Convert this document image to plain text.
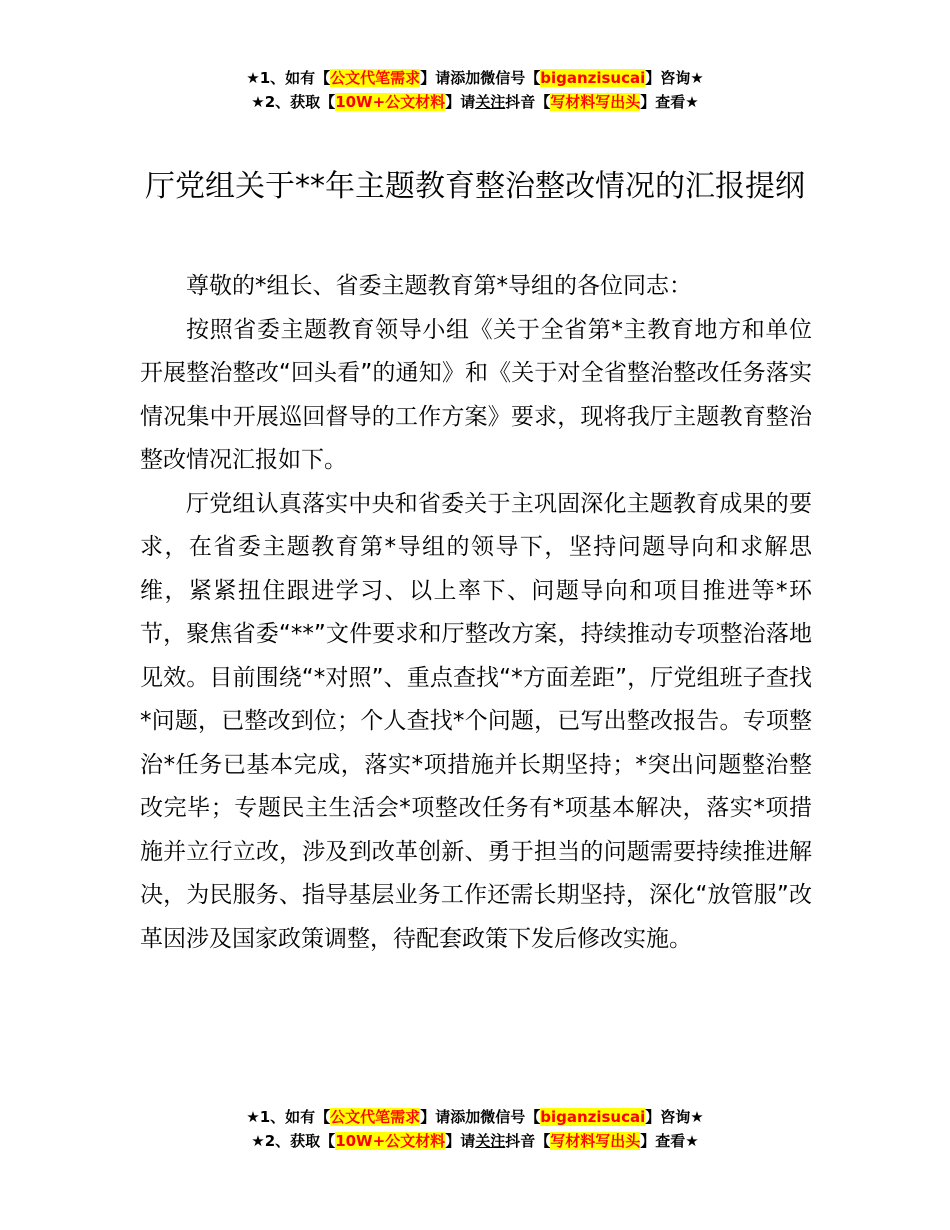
★1、如有【公文代笔需求】请添加微信号【biganzisucai】咨询★
★2、获取【10W+公文材料】请关注抖音【写材料写出头】查看★
厅党组关于**年主题教育整治整改情况的汇报提纲

尊敬的*组长、省委主题教育第*导组的各位同志：

按照省委主题教育领导小组《关于全省第*主教育地方和单位开展整治整改“回头看”的通知》和《关于对全省整治整改任务落实情况集中开展巡回督导的工作方案》要求，现将我厅主题教育整治整改情况汇报如下。

厅党组认真落实中央和省委关于主巩固深化主题教育成果的要求，在省委主题教育第*导组的领导下，坚持问题导向和求解思维，紧紧扭住跟进学习、以上率下、问题导向和项目推进等*环节，聚焦省委“**”文件要求和厅整改方案，持续推动专项整治落地见效。目前围绕“*对照”、重点查找“*方面差距”，厅党组班子查找*问题，已整改到位；个人查找*个问题，已写出整改报告。专项整治*任务已基本完成，落实*项措施并长期坚持；*突出问题整治整改完毕；专题民主生活会*项整改任务有*项基本解决，落实*项措施并立行立改，涉及到改革创新、勇于担当的问题需要持续推进解决，为民服务、指导基层业务工作还需长期坚持，深化“放管服”改革因涉及国家政策调整，待配套政策下发后修改实施。

★1、如有【公文代笔需求】请添加微信号【biganzisucai】咨询★
★2、获取【10W+公文材料】请关注抖音【写材料写出头】查看★
